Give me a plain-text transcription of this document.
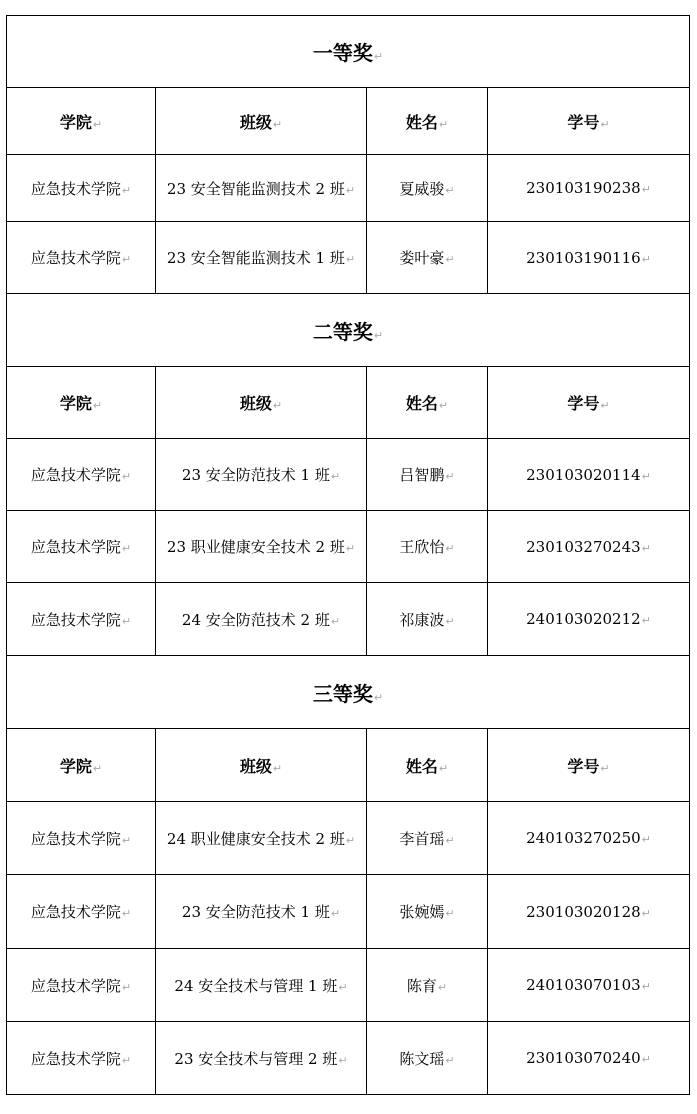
一等奖↵
学院↵	班级↵	姓名↵	学号↵
应急技术学院↵	23 安全智能监测技术 2 班↵	夏威骏↵	230103190238↵
应急技术学院↵	23 安全智能监测技术 1 班↵	娄叶豪↵	230103190116↵
二等奖↵
学院↵	班级↵	姓名↵	学号↵
应急技术学院↵	23 安全防范技术 1 班↵	吕智鹏↵	230103020114↵
应急技术学院↵	23 职业健康安全技术 2 班↵	王欣怡↵	230103270243↵
应急技术学院↵	24 安全防范技术 2 班↵	祁康波↵	240103020212↵
三等奖↵
学院↵	班级↵	姓名↵	学号↵
应急技术学院↵	24 职业健康安全技术 2 班↵	李首瑶↵	240103270250↵
应急技术学院↵	23 安全防范技术 1 班↵	张婉嫣↵	230103020128↵
应急技术学院↵	24 安全技术与管理 1 班↵	陈育↵	240103070103↵
应急技术学院↵	23 安全技术与管理 2 班↵	陈文瑶↵	230103070240↵
